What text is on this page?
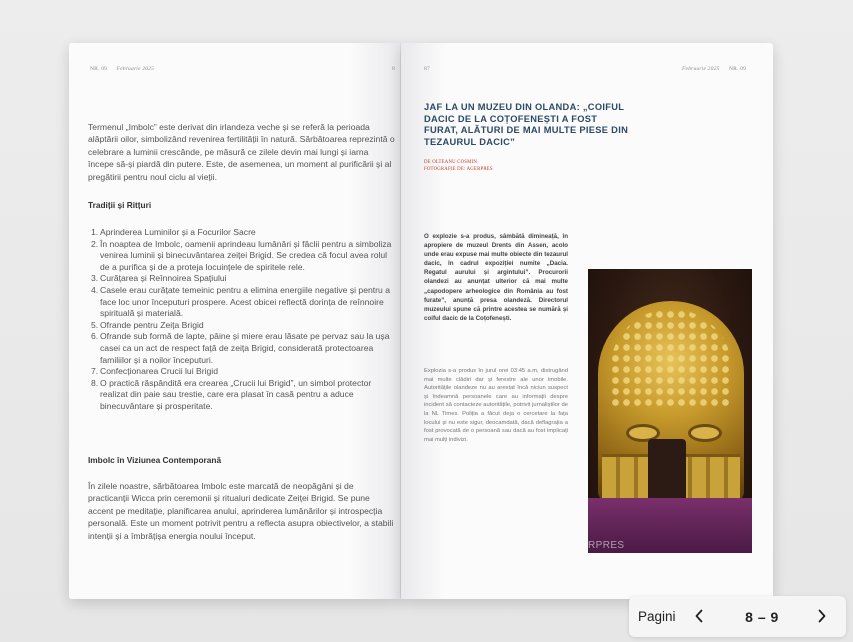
NR. 09 Februarie 2025	8

Termenul „Imbolc” este derivat din irlandeza veche și se referă la perioada alăptării oilor, simbolizând revenirea fertilității în natură. Sărbătoarea reprezintă o celebrare a luminii crescânde, pe măsură ce zilele devin mai lungi și iarna începe să-și piardă din putere. Este, de asemenea, un moment al purificării și al pregătirii pentru noul ciclu al vieții.

Tradiții și Ritțuri
1. Aprinderea Luminilor și a Focurilor Sacre
2. În noaptea de Imbolc, oamenii aprindeau lumânări și făclii pentru a simboliza venirea luminii și binecuvântarea zeiței Brigid. Se credea că focul avea rolul de a purifica și de a proteja locuințele de spiritele rele.
3. Curățarea și Reînnoirea Spațiului
4. Casele erau curățate temeinic pentru a elimina energiile negative și pentru a face loc unor începuturi prospere. Acest obicei reflectă dorința de reînnoire spirituală și materială.
5. Ofrande pentru Zeița Brigid
6. Ofrande sub formă de lapte, pâine și miere erau lăsate pe pervaz sau la ușa casei ca un act de respect față de zeița Brigid, considerată protectoarea familiilor și a noilor începuturi.
7. Confecționarea Crucii lui Brigid
8. O practică răspândită era crearea „Crucii lui Brigid”, un simbol protector realizat din paie sau trestie, care era plasat în casă pentru a aduce binecuvântare și prosperitate.
Imbolc în Viziunea Contemporană

În zilele noastre, sărbătoarea Imbolc este marcată de neopăgâni și de practicanții Wicca prin ceremonii și ritualuri dedicate Zeiței Brigid. Se pune accent pe meditație, planificarea anului, aprinderea lumânărilor și introspecția personală. Este un moment potrivit pentru a reflecta asupra obiectivelor, a stabili intenții și a îmbrățișa energia noului început.

87	Februarie 2025 NR. 09
JAF LA UN MUZEU DIN OLANDA: „COIFUL DACIC DE LA COȚOFENEȘTI A FOST FURAT, ALĂTURI DE MAI MULTE PIESE DIN TEZAURUL DACIC”
DE OLTEANU COSMIN
FOTOGRAFIE DE: AGERPRES
O explozie s-a produs, sâmbătă dimineață, în apropiere de muzeul Drents din Assen, acolo unde erau expuse mai multe obiecte din tezaurul dacic, în cadrul expoziției numite „Dacia. Regatul aurului și argintului”. Procurorii olandezi au anunțat ulterior că mai multe „capodopere arheologice din România au fost furate”, anunță presa olandeză. Directorul muzeului spune că printre acestea se numără și coiful dacic de la Coțofenești.
Explozia s-a produs în jurul orei 03:45 a.m, distrugând mai multe clădiri dar și ferestre ale unor imobile. Autoritățile olandeze nu au arestat încă niciun suspect și îndeamnă persoanele care au informații despre incident să contacteze autoritățile, potrivit jurnaliștilor de la NL Times. Poliția a făcut deja o cercetare la fața locului și nu este sigur, deocamdată, dacă deflagrația a fost provocată de o persoană sau dacă au fost implicați mai mulți indivizi.
RPRES
Pagini	8 – 9
